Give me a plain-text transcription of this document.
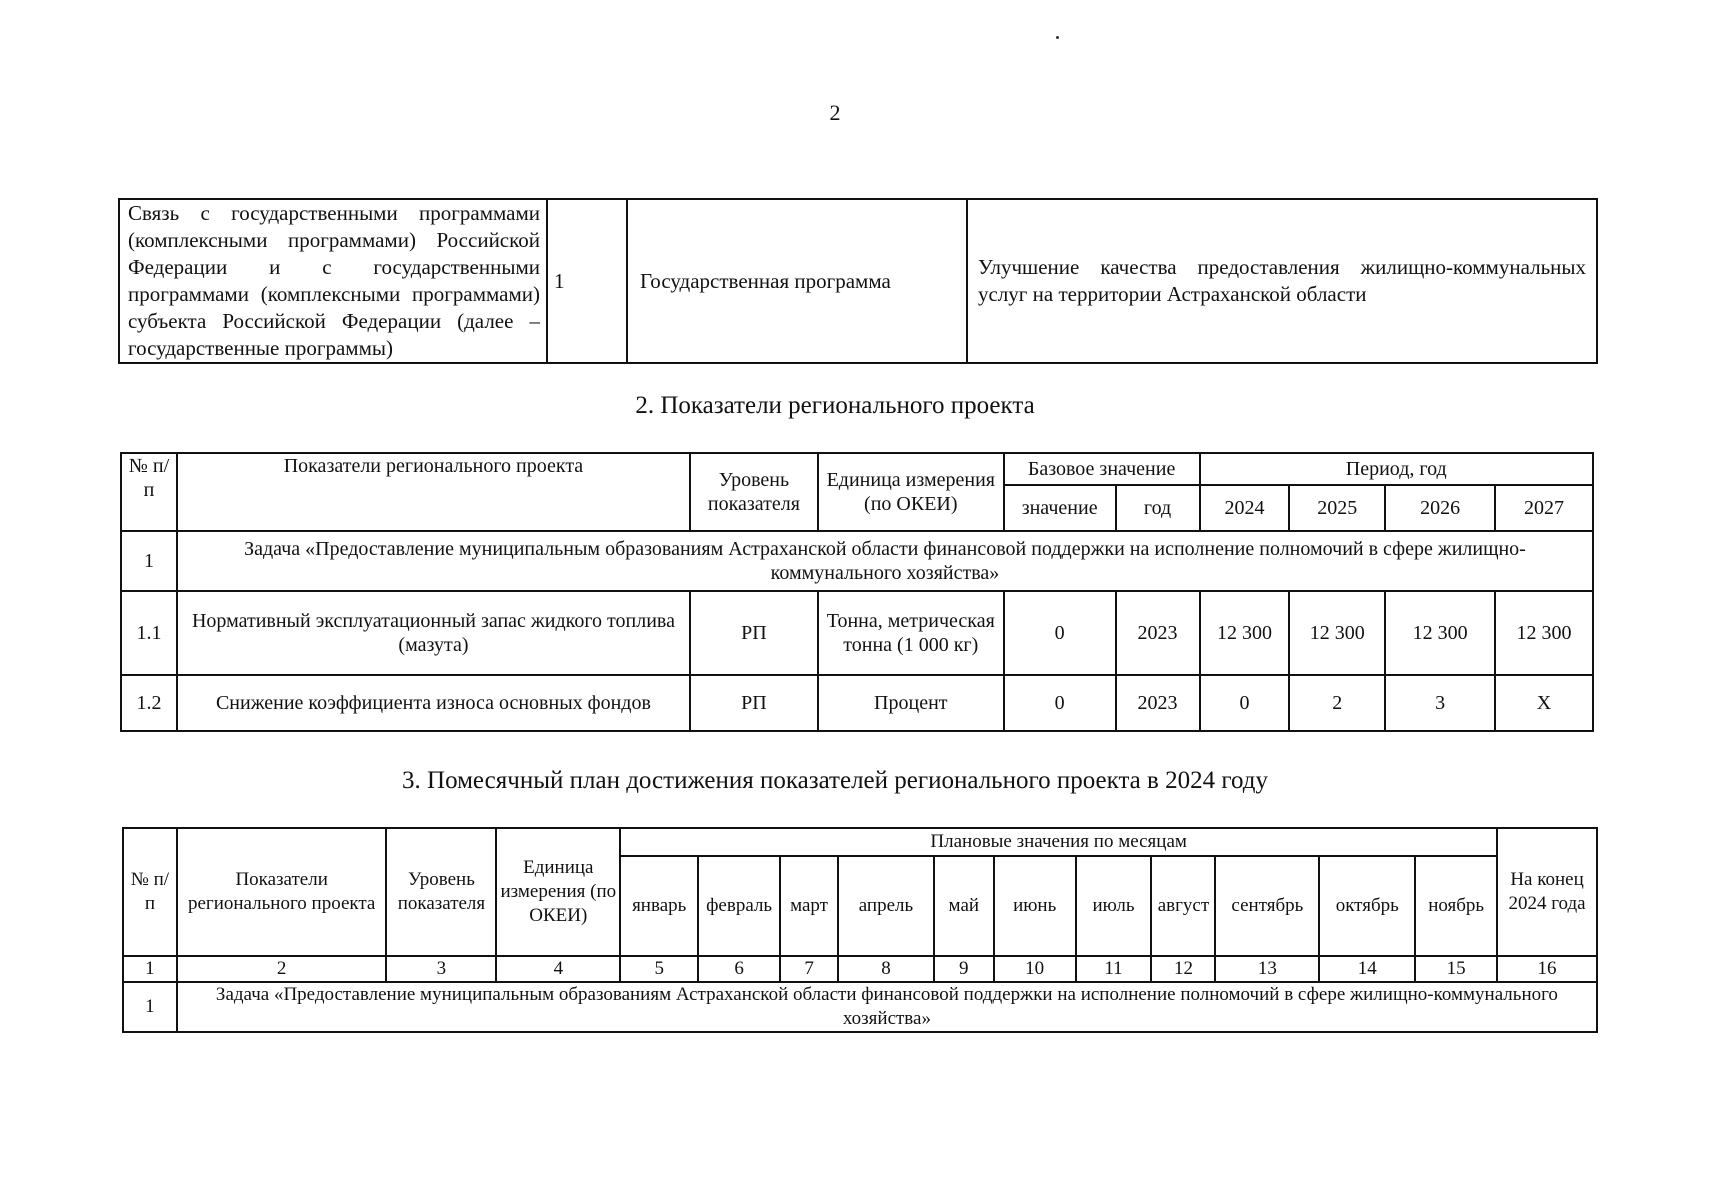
2
Связь с государственными программами (комплексными программами) Российской Федерации и с государственными программами (комплексными программами) субъекта Российской Федерации (далее – государственные программы)	1	Государственная программа	Улучшение качества предоставления жилищно-коммунальных услуг на территории Астраханской области
2. Показатели регионального проекта
№ п/п	Показатели регионального проекта	Уровень показателя	Единица измерения (по ОКЕИ)	Базовое значение		Период, год			
				значение	год	2024	2025	2026	2027
1	Задача «Предоставление муниципальным образованиям Астраханской области финансовой поддержки на исполнение полномочий в сфере жилищно-коммунального хозяйства»								
1.1	Нормативный эксплуатационный запас жидкого топлива (мазута)	РП	Тонна, метрическая тонна (1 000 кг)	0	2023	12 300	12 300	12 300	12 300
1.2	Снижение коэффициента износа основных фондов	РП	Процент	0	2023	0	2	3	X
3. Помесячный план достижения показателей регионального проекта в 2024 году
№ п/п	Показатели регионального проекта	Уровень показателя	Единица измерения (по ОКЕИ)	Плановые значения по месяцам											На конец 2024 года
				январь	февраль	март	апрель	май	июнь	июль	август	сентябрь	октябрь	ноябрь	
1	2	3	4	5	6	7	8	9	10	11	12	13	14	15	16
1	Задача «Предоставление муниципальным образованиям Астраханской области финансовой поддержки на исполнение полномочий в сфере жилищно-коммунального хозяйства»														
